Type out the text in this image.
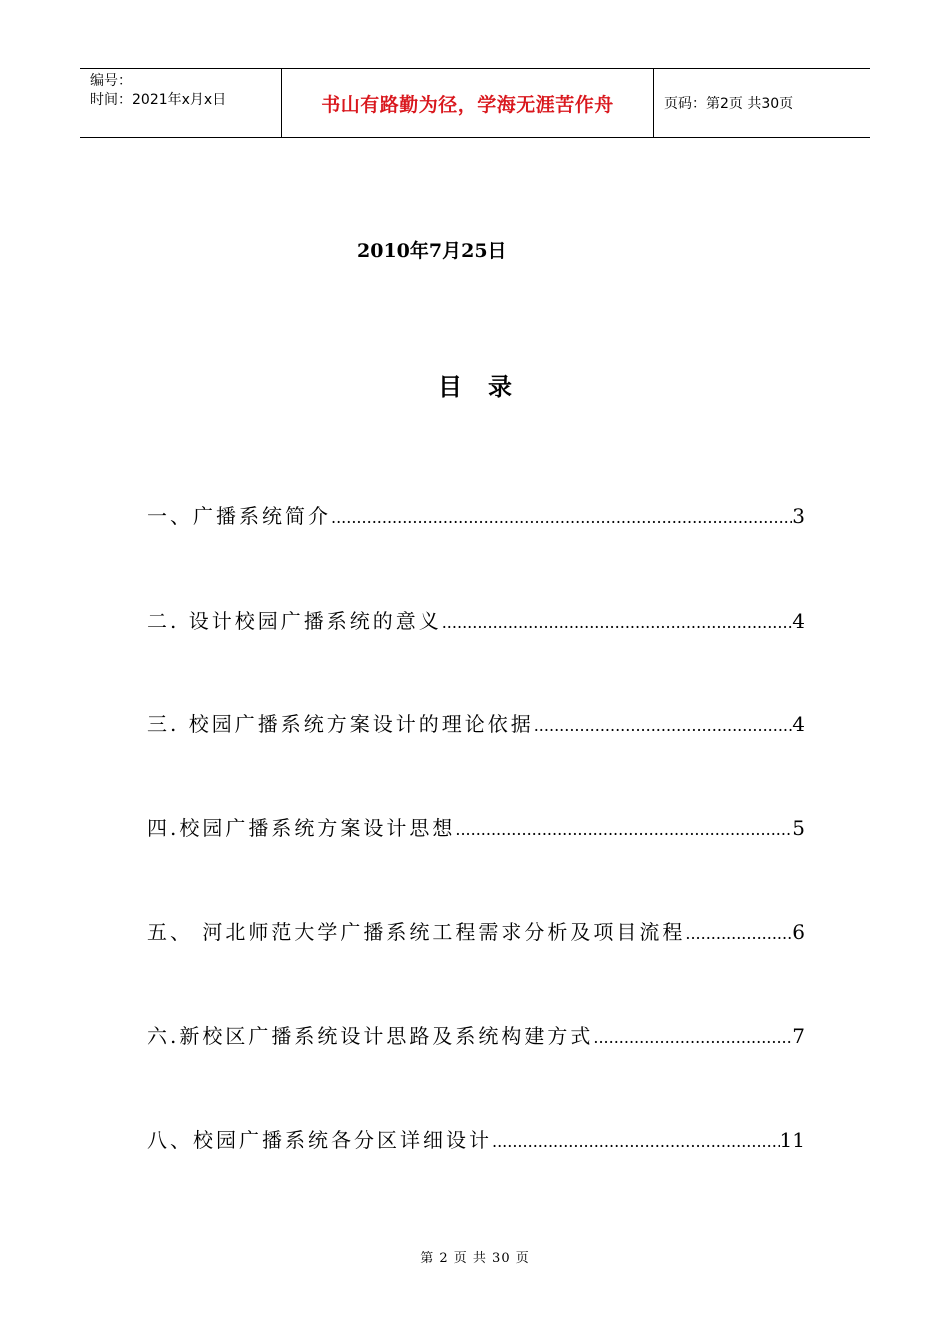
编号：
时间：2021年x月x日	书山有路勤为径，学海无涯苦作舟	页码：第2页 共30页
2010年7月25日
目录
一、广播系统简介 .....	3
二. 设计校园广播系统的意义 .....	4
三. 校园广播系统方案设计的理论依据 .....	4
四.校园广播系统方案设计思想 .....	5
五、 河北师范大学广播系统工程需求分析及项目流程 .....	6
六.新校区广播系统设计思路及系统构建方式 .....	7
八、校园广播系统各分区详细设计 .....	11
第 2 页 共 30 页
